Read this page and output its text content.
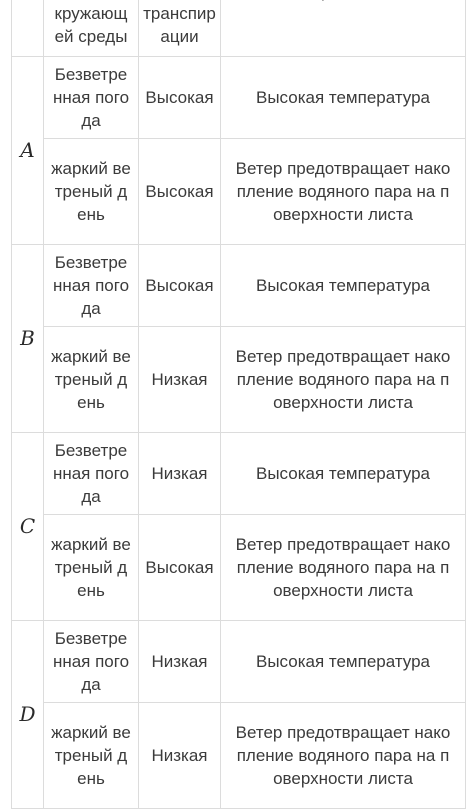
	кружающей среды	транспирации

A	Безветренная погода	Высокая	Высокая температура
	жаркий ветреный день	Высокая	Ветер предотвращает накопление водяного пара на поверхности листа
B	Безветренная погода	Высокая	Высокая температура
	жаркий ветреный день	Низкая	Ветер предотвращает накопление водяного пара на поверхности листа
C	Безветренная погода	Низкая	Высокая температура
	жаркий ветреный день	Высокая	Ветер предотвращает накопление водяного пара на поверхности листа
D	Безветренная погода	Низкая	Высокая температура
	жаркий ветреный день	Низкая	Ветер предотвращает накопление водяного пара на поверхности листа
